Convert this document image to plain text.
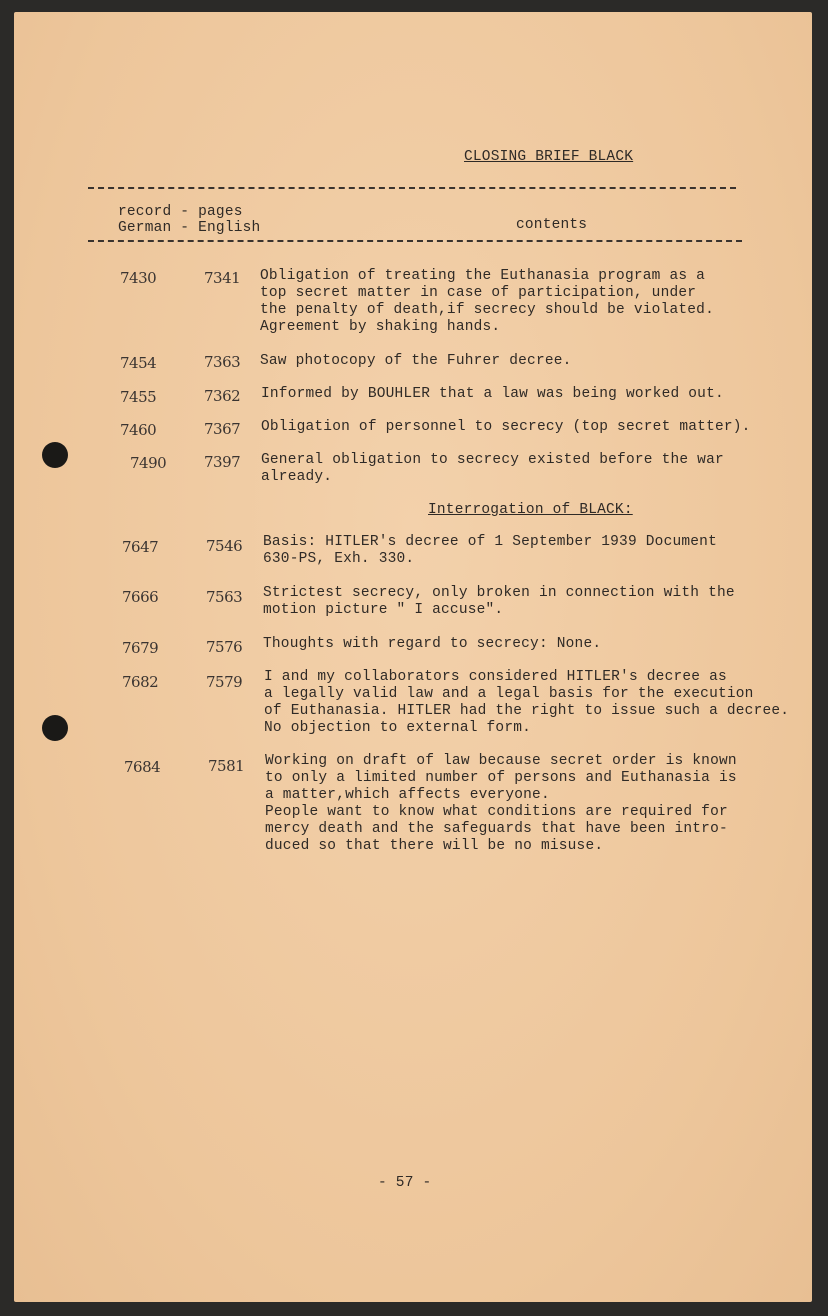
CLOSING BRIEF BLACK
record - pages
German - English	contents
7430	7341 Obligation of treating the Euthanasia program as a
top secret matter in case of participation, under
the penalty of death,if secrecy should be violated.
Agreement by shaking hands.
7454	7363 Saw photocopy of the Fuhrer decree.
7455	7362 Informed by BOUHLER that a law was being worked out.
7460	7367 Obligation of personnel to secrecy (top secret matter).
7490	7397 General obligation to secrecy existed before the war
already.
Interrogation of BLACK:
7647	7546 Basis: HITLER's decree of 1 September 1939 Document
630-PS, Exh. 330.
7666	7563 Strictest secrecy, only broken in connection with the
motion picture " I accuse".
7679	7576 Thoughts with regard to secrecy: None.
7682	7579 I and my collaborators considered HITLER's decree as
a legally valid law and a legal basis for the execution
of Euthanasia. HITLER had the right to issue such a decree.
No objection to external form.
7684	7581 Working on draft of law because secret order is known
to only a limited number of persons and Euthanasia is
a matter,which affects everyone.
People want to know what conditions are required for
mercy death and the safeguards that have been intro-
duced so that there will be no misuse.
- 57 -
